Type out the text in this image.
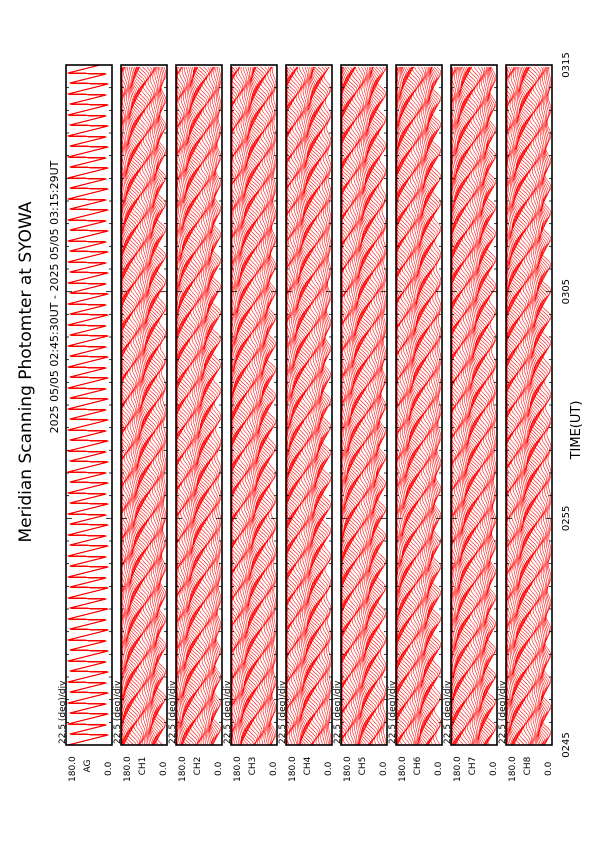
Meridian Scanning Photomter at SYOWA 2025 05/05 02:45:30UT - 2025 05/05 03:15:29UT	TIME(UT)
0245
0255
0305
0315
22.5 (deg)/div
180.0	0.0
AG
22.5 (deg)/div
180.0	0.0
CH1
22.5 (deg)/div
180.0	0.0
CH2
22.5 (deg)/div
180.0	0.0
CH3
22.5 (deg)/div
180.0	0.0
CH4
22.5 (deg)/div
180.0	0.0
CH5
22.5 (deg)/div
180.0	0.0
CH6
22.5 (deg)/div
180.0	0.0
CH7
22.5 (deg)/div
180.0	0.0
CH8
